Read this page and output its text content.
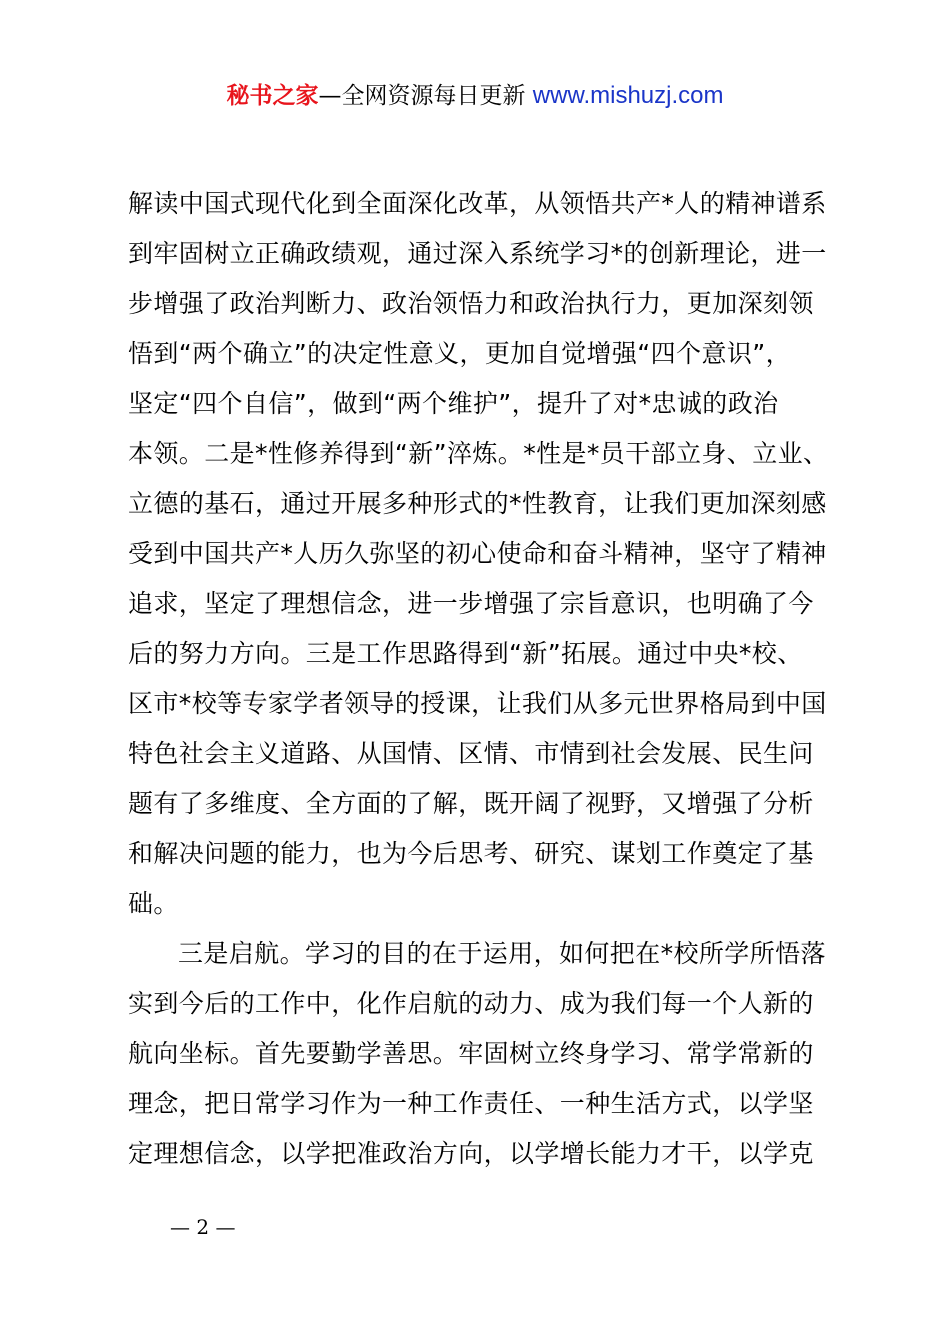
秘书之家—全网资源每日更新 www.mishuzj.com
解读中国式现代化到全面深化改革，从领悟共产*人的精神谱系
到牢固树立正确政绩观，通过深入系统学习*的创新理论，进一
步增强了政治判断力、政治领悟力和政治执行力，更加深刻领
悟到“两个确立”的决定性意义，更加自觉增强“四个意识”，
坚定“四个自信”，做到“两个维护”，提升了对*忠诚的政治
本领。二是*性修养得到“新”淬炼。*性是*员干部立身、立业、
立德的基石，通过开展多种形式的*性教育，让我们更加深刻感
受到中国共产*人历久弥坚的初心使命和奋斗精神，坚守了精神
追求，坚定了理想信念，进一步增强了宗旨意识，也明确了今
后的努力方向。三是工作思路得到“新”拓展。通过中央*校、
区市*校等专家学者领导的授课，让我们从多元世界格局到中国
特色社会主义道路、从国情、区情、市情到社会发展、民生问
题有了多维度、全方面的了解，既开阔了视野，又增强了分析
和解决问题的能力，也为今后思考、研究、谋划工作奠定了基
础。
三是启航。学习的目的在于运用，如何把在*校所学所悟落
实到今后的工作中，化作启航的动力、成为我们每一个人新的
航向坐标。首先要勤学善思。牢固树立终身学习、常学常新的
理念，把日常学习作为一种工作责任、一种生活方式，以学坚
定理想信念，以学把准政治方向，以学增长能力才干，以学克
— 2 —
